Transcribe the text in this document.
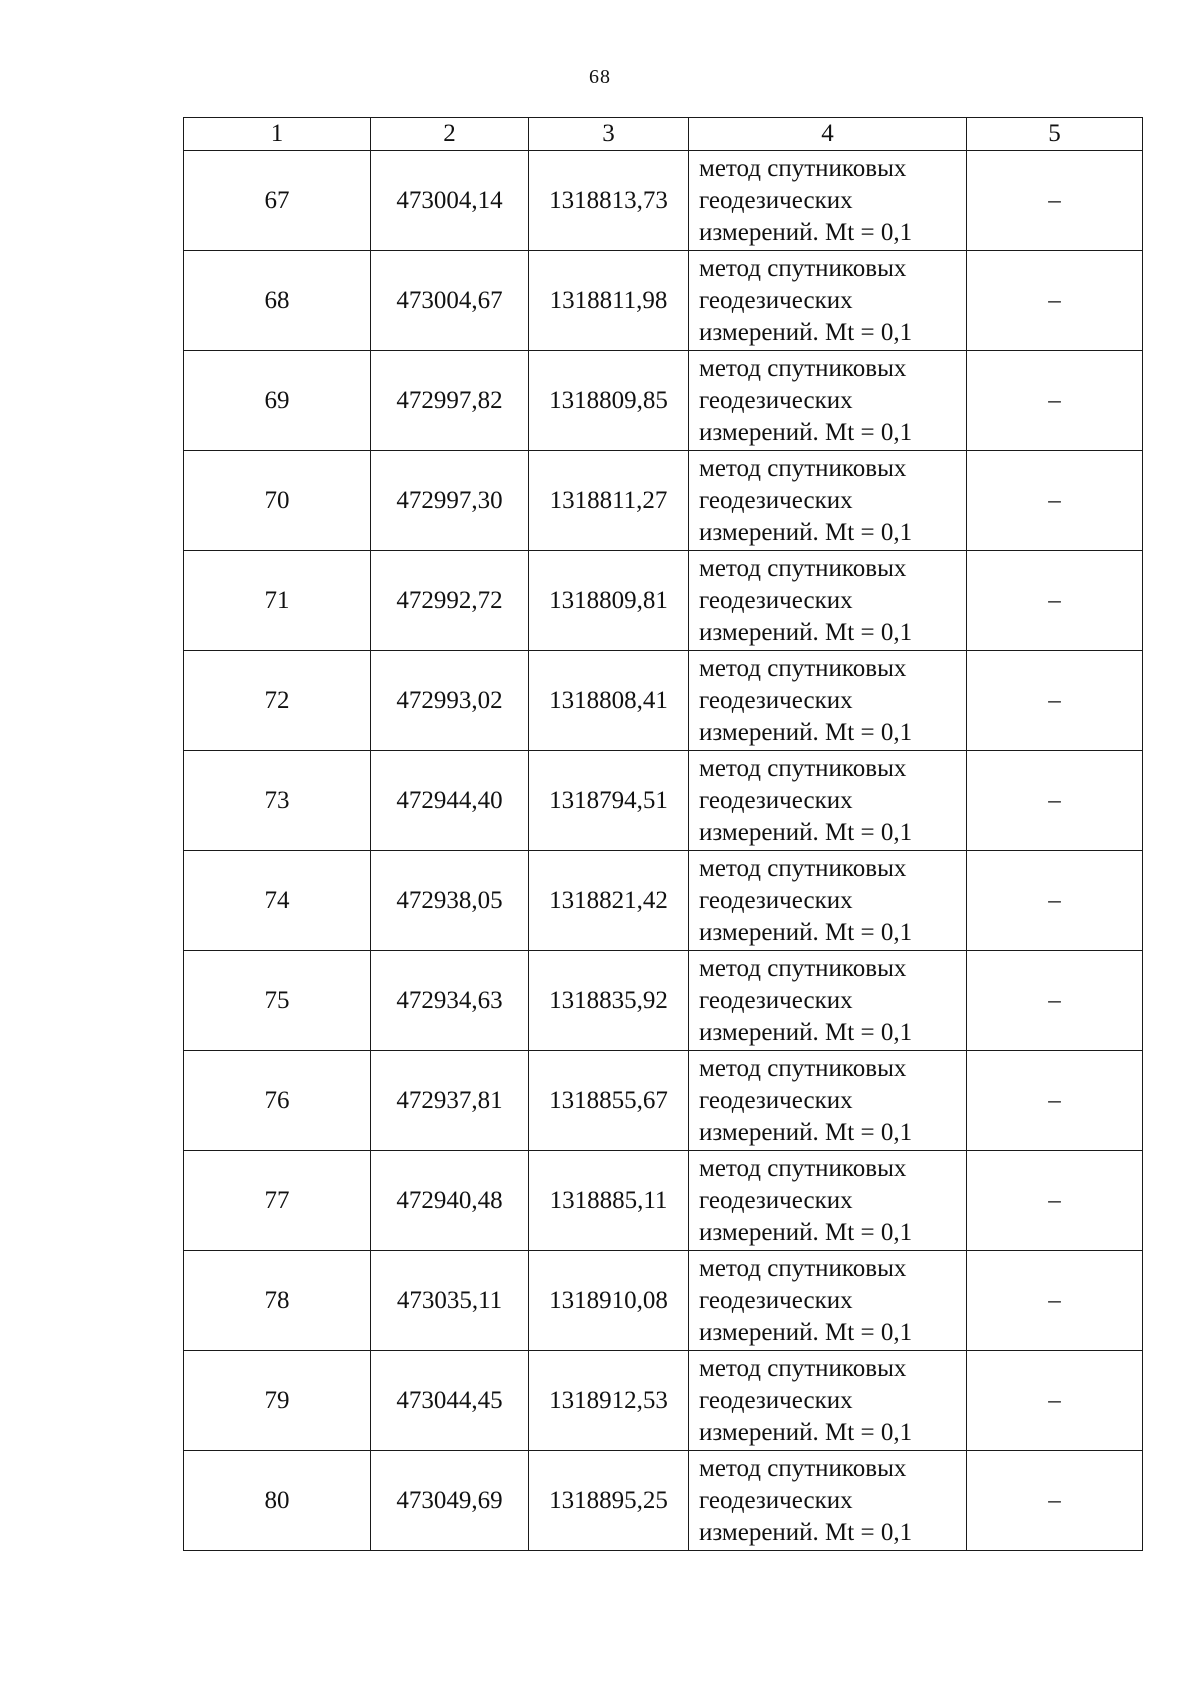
68
1	2	3	4	5
67	473004,14	1318813,73	метод спутниковых
геодезических
измерений. Mt = 0,1	–
68	473004,67	1318811,98	метод спутниковых
геодезических
измерений. Mt = 0,1	–
69	472997,82	1318809,85	метод спутниковых
геодезических
измерений. Mt = 0,1	–
70	472997,30	1318811,27	метод спутниковых
геодезических
измерений. Mt = 0,1	–
71	472992,72	1318809,81	метод спутниковых
геодезических
измерений. Mt = 0,1	–
72	472993,02	1318808,41	метод спутниковых
геодезических
измерений. Mt = 0,1	–
73	472944,40	1318794,51	метод спутниковых
геодезических
измерений. Mt = 0,1	–
74	472938,05	1318821,42	метод спутниковых
геодезических
измерений. Mt = 0,1	–
75	472934,63	1318835,92	метод спутниковых
геодезических
измерений. Mt = 0,1	–
76	472937,81	1318855,67	метод спутниковых
геодезических
измерений. Mt = 0,1	–
77	472940,48	1318885,11	метод спутниковых
геодезических
измерений. Mt = 0,1	–
78	473035,11	1318910,08	метод спутниковых
геодезических
измерений. Mt = 0,1	–
79	473044,45	1318912,53	метод спутниковых
геодезических
измерений. Mt = 0,1	–
80	473049,69	1318895,25	метод спутниковых
геодезических
измерений. Mt = 0,1	–
